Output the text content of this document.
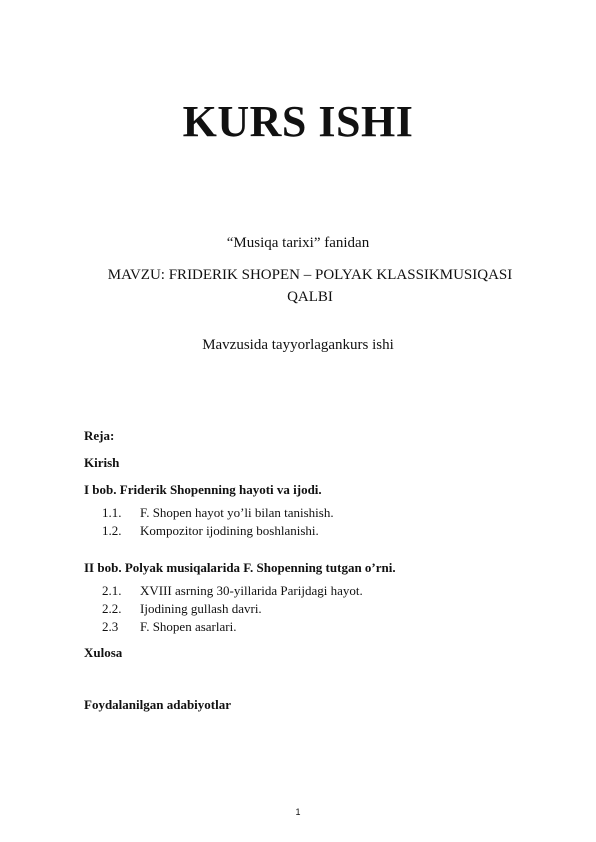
KURS ISHI
“Musiqa tarixi” fanidan
MAVZU: FRIDERIK SHOPEN – POLYAK KLASSIKMUSIQASI QALBI
Mavzusida tayyorlagankurs ishi
Reja:
Kirish
I bob. Friderik Shopenning hayoti va ijodi.
1.1.	F. Shopen hayot yo’li bilan tanishish.
1.2.	Kompozitor ijodining boshlanishi.
II bob. Polyak musiqalarida F. Shopenning tutgan o’rni.
2.1.	XVIII asrning 30-yillarida Parijdagi hayot.
2.2.	Ijodining gullash davri.
2.3	F. Shopen asarlari.
Xulosa
Foydalanilgan adabiyotlar
1
